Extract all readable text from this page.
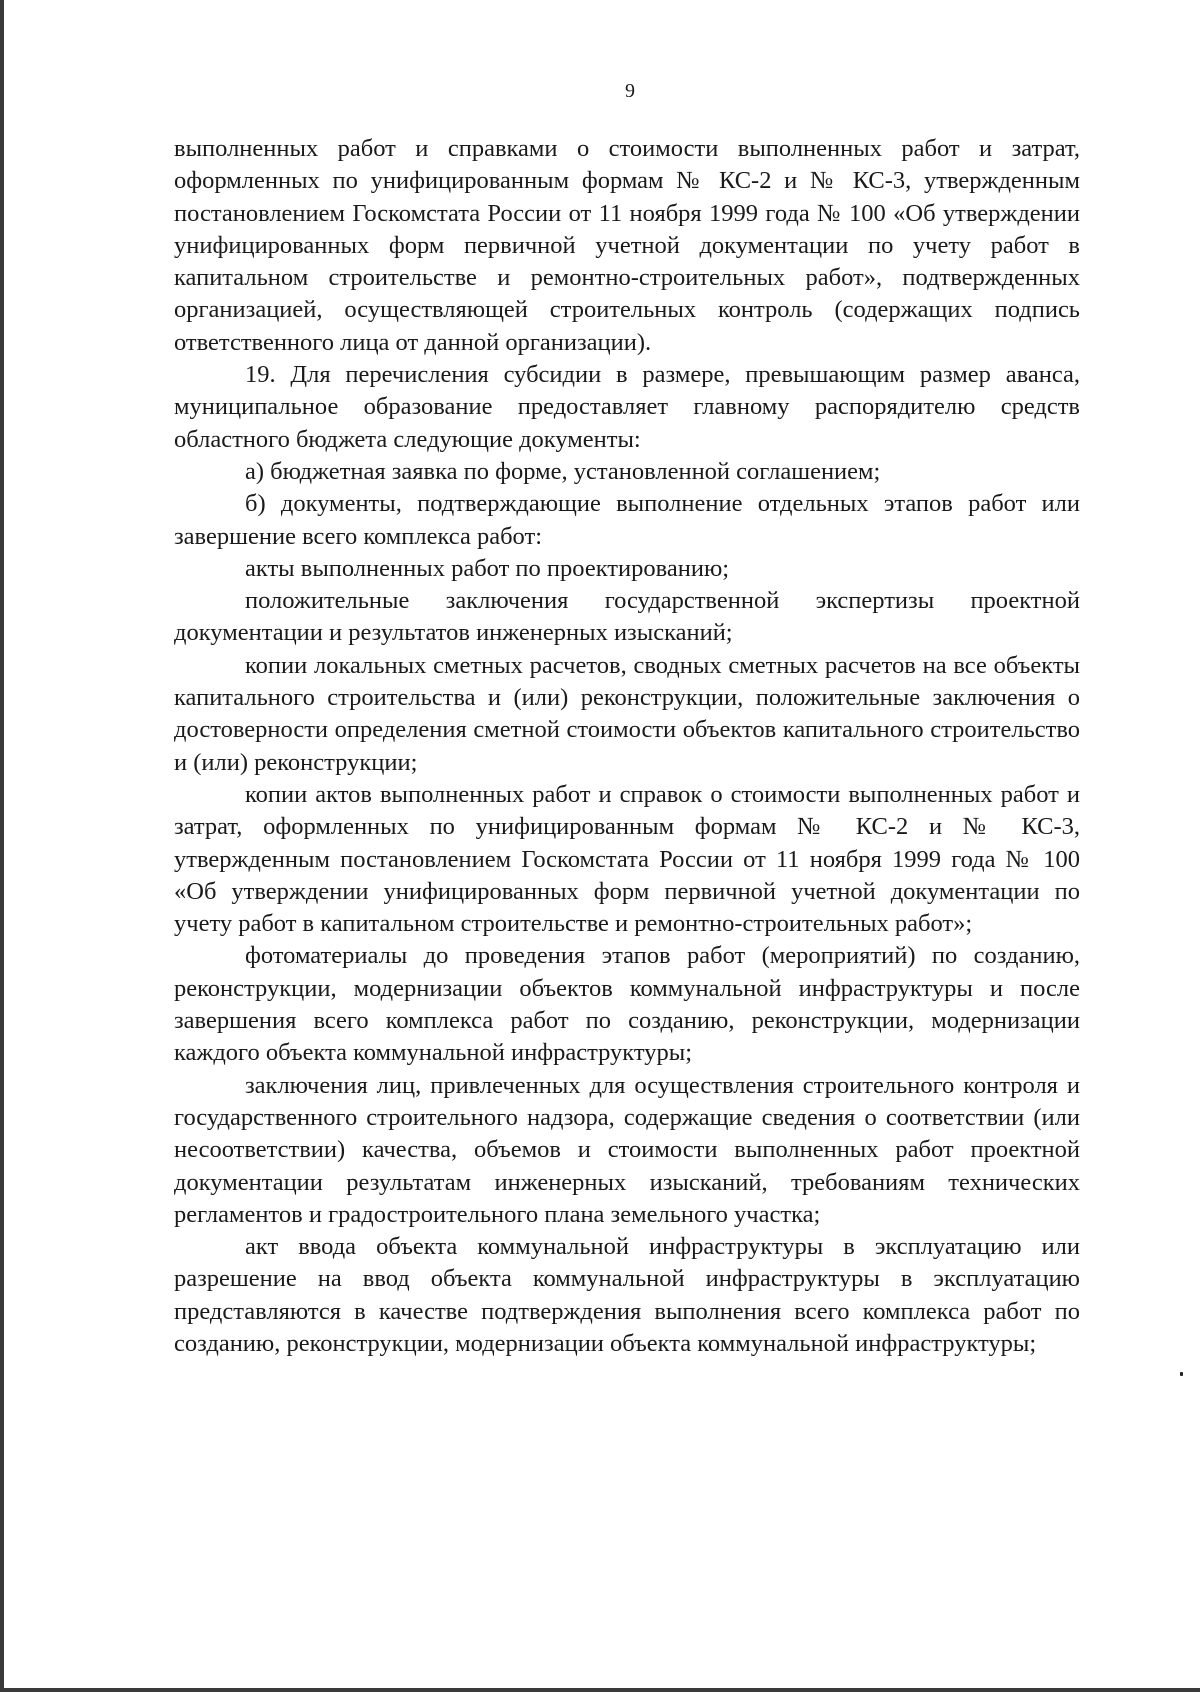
9

выполненных работ и справками о стоимости выполненных работ и затрат, оформленных по унифицированным формам № КС-2 и № КС-3, утвержденным постановлением Госкомстата России от 11 ноября 1999 года № 100 «Об утверждении унифицированных форм первичной учетной документации по учету работ в капитальном строительстве и ремонтно-строительных работ», подтвержденных организацией, осуществляющей строительных контроль (содержащих подпись ответственного лица от данной организации).

19. Для перечисления субсидии в размере, превышающим размер аванса, муниципальное образование предоставляет главному распорядителю средств областного бюджета следующие документы:

а) бюджетная заявка по форме, установленной соглашением;

б) документы, подтверждающие выполнение отдельных этапов работ или завершение всего комплекса работ:

акты выполненных работ по проектированию;

положительные заключения государственной экспертизы проектной документации и результатов инженерных изысканий;

копии локальных сметных расчетов, сводных сметных расчетов на все объекты капитального строительства и (или) реконструкции, положительные заключения о достоверности определения сметной стоимости объектов капитального строительство и (или) реконструкции;

копии актов выполненных работ и справок о стоимости выполненных работ и затрат, оформленных по унифицированным формам № КС-2 и № КС-3, утвержденным постановлением Госкомстата России от 11 ноября 1999 года № 100 «Об утверждении унифицированных форм первичной учетной документации по учету работ в капитальном строительстве и ремонтно-строительных работ»;

фотоматериалы до проведения этапов работ (мероприятий) по созданию, реконструкции, модернизации объектов коммунальной инфраструктуры и после завершения всего комплекса работ по созданию, реконструкции, модернизации каждого объекта коммунальной инфраструктуры;

заключения лиц, привлеченных для осуществления строительного контроля и государственного строительного надзора, содержащие сведения о соответствии (или несоответствии) качества, объемов и стоимости выполненных работ проектной документации результатам инженерных изысканий, требованиям технических регламентов и градостроительного плана земельного участка;

акт ввода объекта коммунальной инфраструктуры в эксплуатацию или разрешение на ввод объекта коммунальной инфраструктуры в эксплуатацию представляются в качестве подтверждения выполнения всего комплекса работ по созданию, реконструкции, модернизации объекта коммунальной инфраструктуры;
